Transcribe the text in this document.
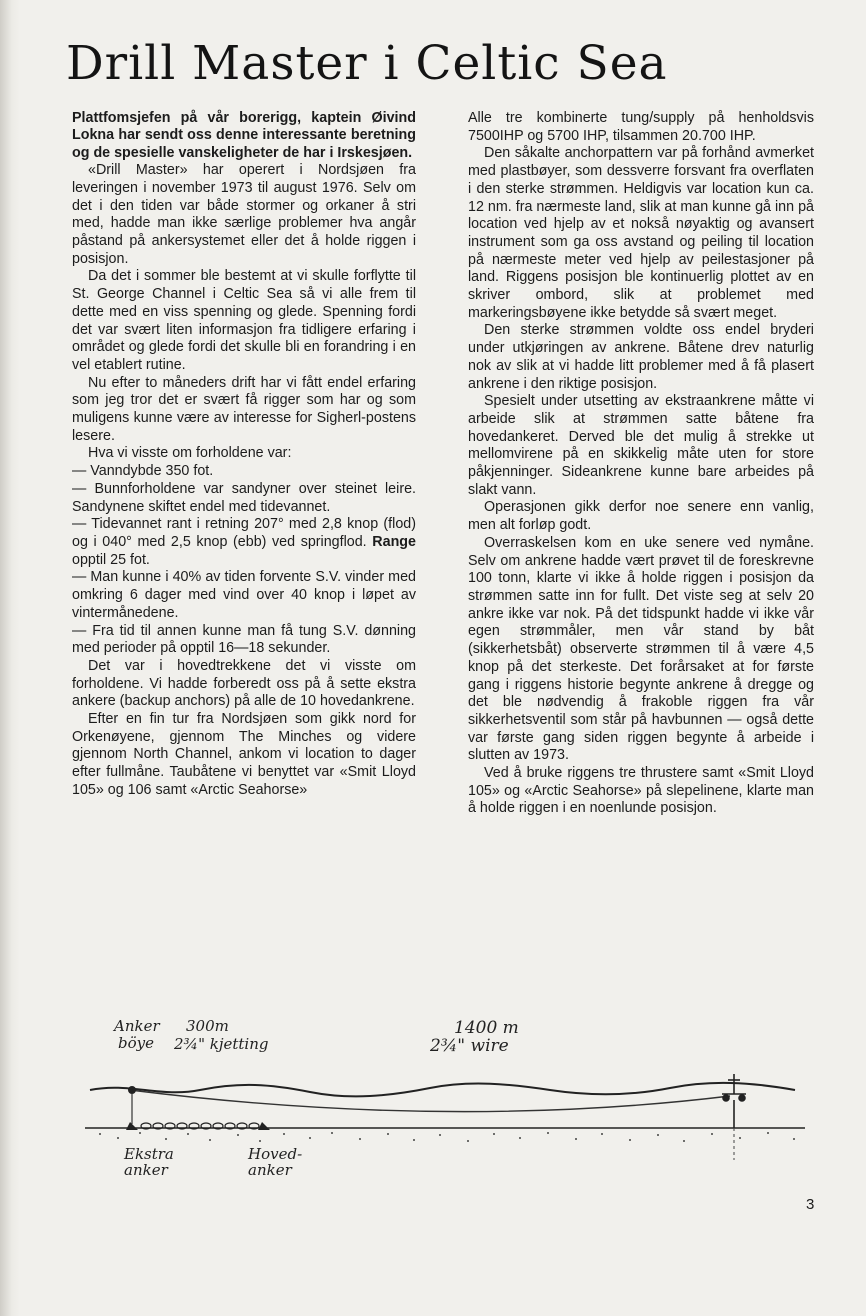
Drill Master i Celtic Sea

Plattfomsjefen på vår borerigg, kaptein Øivind Lokna har sendt oss denne interessante beretning og de spesielle vanskeligheter de har i Irskesjøen.

«Drill Master» har operert i Nordsjøen fra leveringen i november 1973 til august 1976. Selv om det i den tiden var både stormer og orkaner å stri med, hadde man ikke særlige problemer hva angår påstand på ankersystemet eller det å holde riggen i posisjon.

Da det i sommer ble bestemt at vi skulle forflytte til St. George Channel i Celtic Sea så vi alle frem til dette med en viss spenning og glede. Spenning fordi det var svært liten informasjon fra tidligere erfaring i området og glede fordi det skulle bli en forandring i en vel etablert rutine.

Nu efter to måneders drift har vi fått endel erfaring som jeg tror det er svært få rigger som har og som muligens kunne være av interesse for Sigherl-postens lesere.

Hva vi visste om forholdene var:

— Vanndybde 350 fot.

— Bunnforholdene var sandyner over steinet leire. Sandynene skiftet endel med tidevannet.

— Tidevannet rant i retning 207° med 2,8 knop (flod) og i 040° med 2,5 knop (ebb) ved springflod. Range opptil 25 fot.

— Man kunne i 40% av tiden forvente S.V. vinder med omkring 6 dager med vind over 40 knop i løpet av vintermånedene.

— Fra tid til annen kunne man få tung S.V. dønning med perioder på opptil 16—18 sekunder.

Det var i hovedtrekkene det vi visste om forholdene. Vi hadde forberedt oss på å sette ekstra ankere (backup anchors) på alle de 10 hovedankrene.

Efter en fin tur fra Nordsjøen som gikk nord for Orkenøyene, gjennom The Minches og videre gjennom North Channel, ankom vi location to dager efter fullmåne. Taubåtene vi benyttet var «Smit Lloyd 105» og 106 samt «Arctic Seahorse»

Alle tre kombinerte tung/supply på henholdsvis 7500IHP og 5700 IHP, tilsammen 20.700 IHP.

Den såkalte anchorpattern var på forhånd avmerket med plastbøyer, som dessverre forsvant fra overflaten i den sterke strømmen. Heldigvis var location kun ca. 12 nm. fra nærmeste land, slik at man kunne gå inn på location ved hjelp av et nokså nøyaktig og avansert instrument som ga oss avstand og peiling til location på nærmeste meter ved hjelp av peilestasjoner på land. Riggens posisjon ble kontinuerlig plottet av en skriver ombord, slik at problemet med markeringsbøyene ikke betydde så svært meget.

Den sterke strømmen voldte oss endel bryderi under utkjøringen av ankrene. Båtene drev naturlig nok av slik at vi hadde litt problemer med å få plasert ankrene i den riktige posisjon.

Spesielt under utsetting av ekstraankrene måtte vi arbeide slik at strømmen satte båtene fra hovedankeret. Derved ble det mulig å strekke ut mellomvirene på en skikkelig måte uten for store påkjenninger. Sideankrene kunne bare arbeides på slakt vann.

Operasjonen gikk derfor noe senere enn vanlig, men alt forløp godt.

Overraskelsen kom en uke senere ved nymåne. Selv om ankrene hadde vært prøvet til de foreskrevne 100 tonn, klarte vi ikke å holde riggen i posisjon da strømmen satte inn for fullt. Det viste seg at selv 20 ankre ikke var nok. På det tidspunkt hadde vi ikke vår egen strømmåler, men vår stand by båt (sikkerhetsbåt) observerte strømmen til å være 4,5 knop på det sterkeste. Det forårsaket at for første gang i riggens historie begynte ankrene å dregge og det ble nødvendig å frakoble riggen fra vår sikkerhetsventil som står på havbunnen — også dette var første gang siden riggen begynte å arbeide i slutten av 1973.

Ved å bruke riggens tre thrustere samt «Smit Lloyd 105» og «Arctic Seahorse» på slepelinene, klarte man å holde riggen i en noenlunde posisjon.

Anker
böye
300m
2¾" kjetting
1400 m
2¾" wire
Ekstra
anker
Hoved-
anker
3
